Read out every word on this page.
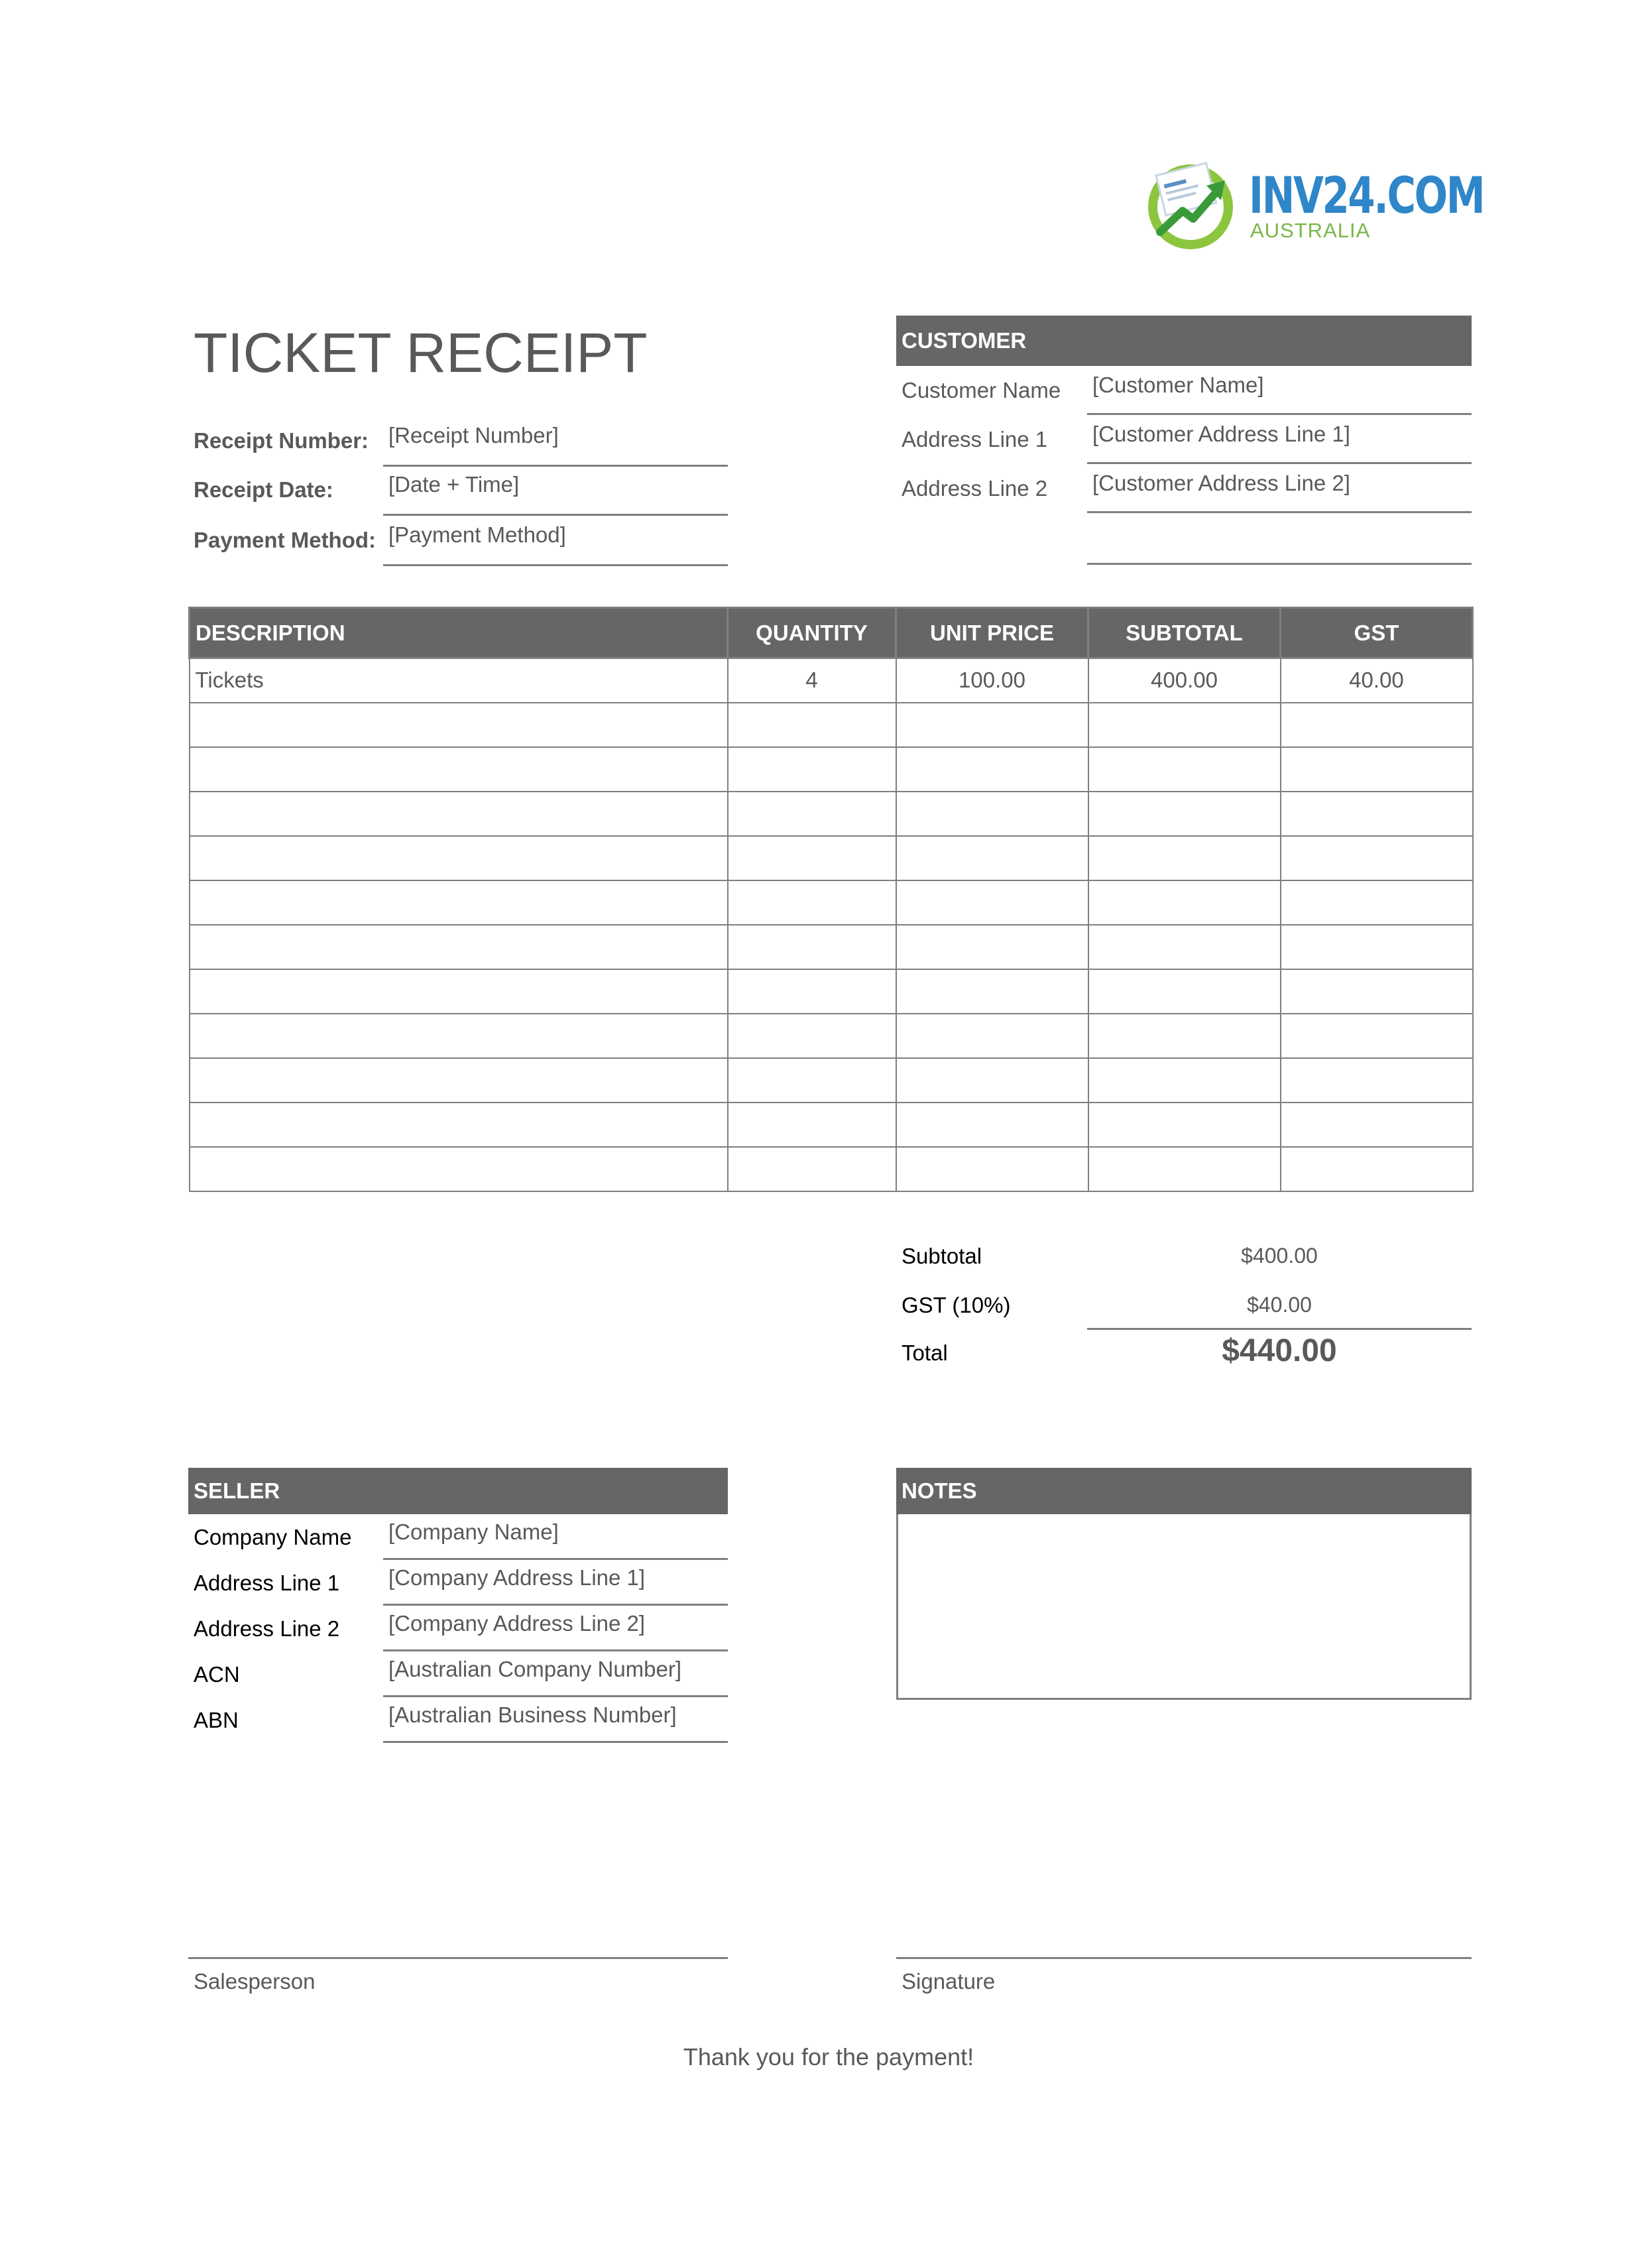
INV24.COM
AUSTRALIA
TICKET RECEIPT
Receipt Number: [Receipt Number]
Receipt Date:	[Date + Time]
Payment Method: [Payment Method]
CUSTOMER
Customer Name [Customer Name]
Address Line 1 [Customer Address Line 1]
Address Line 2 [Customer Address Line 2]
DESCRIPTION	QUANTITY	UNIT PRICE	SUBTOTAL	GST
Tickets	4	100.00	400.00	40.00

Subtotal	$400.00
GST (10%)	$40.00
Total	$440.00
SELLER
Company Name [Company Name]
Address Line 1 [Company Address Line 1]
Address Line 2 [Company Address Line 2]
ACN	[Australian Company Number]
ABN	[Australian Business Number]
NOTES
Salesperson	Signature
Thank you for the payment!
